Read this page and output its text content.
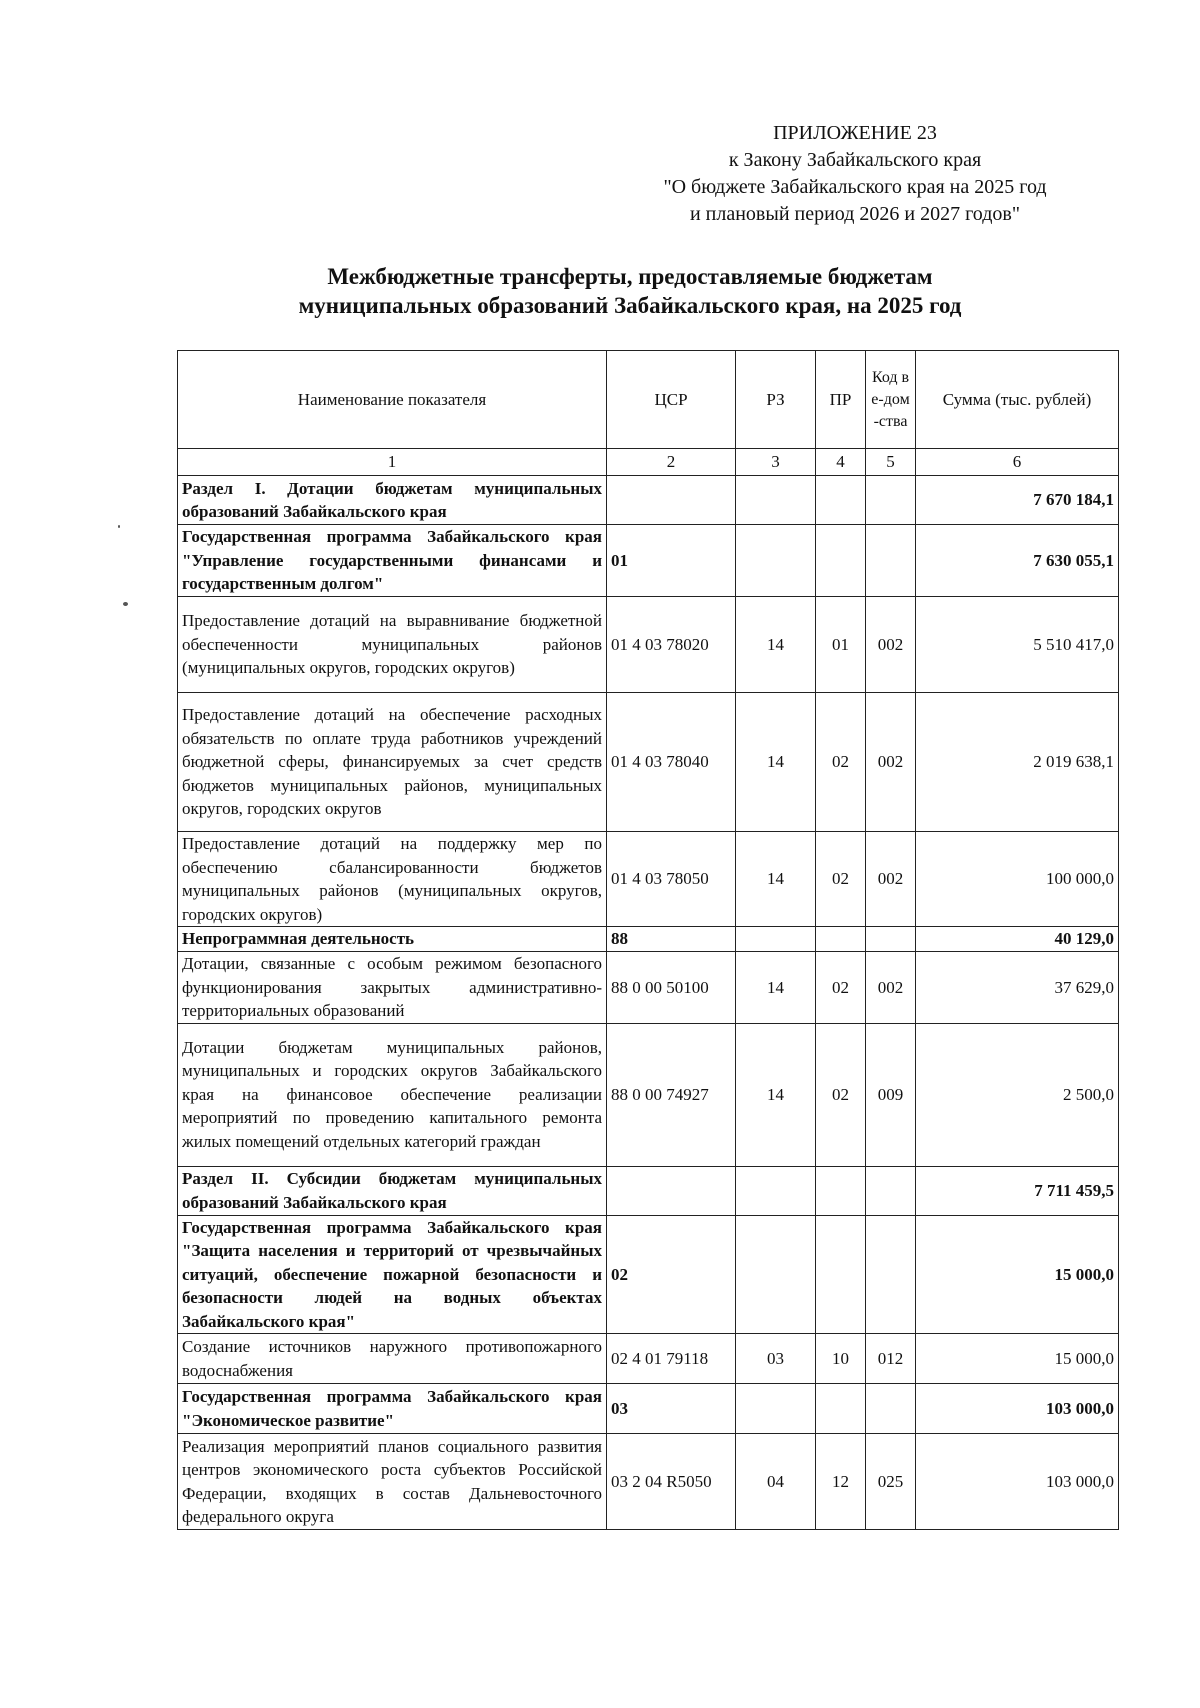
ПРИЛОЖЕНИЕ 23
к Закону Забайкальского края
"О бюджете Забайкальского края на 2025 год
и плановый период 2026 и 2027 годов"
Межбюджетные трансферты, предоставляемые бюджетам
муниципальных образований Забайкальского края, на 2025 год
Наименование показателя	ЦСР	РЗ	ПР	Код ве-дом-ства	Сумма (тыс. рублей)
1	2	3	4	5	6
Раздел I. Дотации бюджетам муниципальных образований Забайкальского края					7 670 184,1
Государственная программа Забайкальского края "Управление государственными финансами и государственным долгом"	01				7 630 055,1
Предоставление дотаций на выравнивание бюджетной обеспеченности муниципальных районов (муниципальных округов, городских округов)	01 4 03 78020	14	01	002	5 510 417,0
Предоставление дотаций на обеспечение расходных обязательств по оплате труда работников учреждений бюджетной сферы, финансируемых за счет средств бюджетов муниципальных районов, муниципальных округов, городских округов	01 4 03 78040	14	02	002	2 019 638,1
Предоставление дотаций на поддержку мер по обеспечению сбалансированности бюджетов муниципальных районов (муниципальных округов, городских округов)	01 4 03 78050	14	02	002	100 000,0
Непрограммная деятельность	88				40 129,0
Дотации, связанные с особым режимом безопасного функционирования закрытых административно-территориальных образований	88 0 00 50100	14	02	002	37 629,0
Дотации бюджетам муниципальных районов, муниципальных и городских округов Забайкальского края на финансовое обеспечение реализации мероприятий по проведению капитального ремонта жилых помещений отдельных категорий граждан	88 0 00 74927	14	02	009	2 500,0
Раздел II. Субсидии бюджетам муниципальных образований Забайкальского края					7 711 459,5
Государственная программа Забайкальского края "Защита населения и территорий от чрезвычайных ситуаций, обеспечение пожарной безопасности и безопасности людей на водных объектах Забайкальского края"	02				15 000,0
Создание источников наружного противопожарного водоснабжения	02 4 01 79118	03	10	012	15 000,0
Государственная программа Забайкальского края "Экономическое развитие"	03				103 000,0
Реализация мероприятий планов социального развития центров экономического роста субъектов Российской Федерации, входящих в состав Дальневосточного федерального округа	03 2 04 R5050	04	12	025	103 000,0
